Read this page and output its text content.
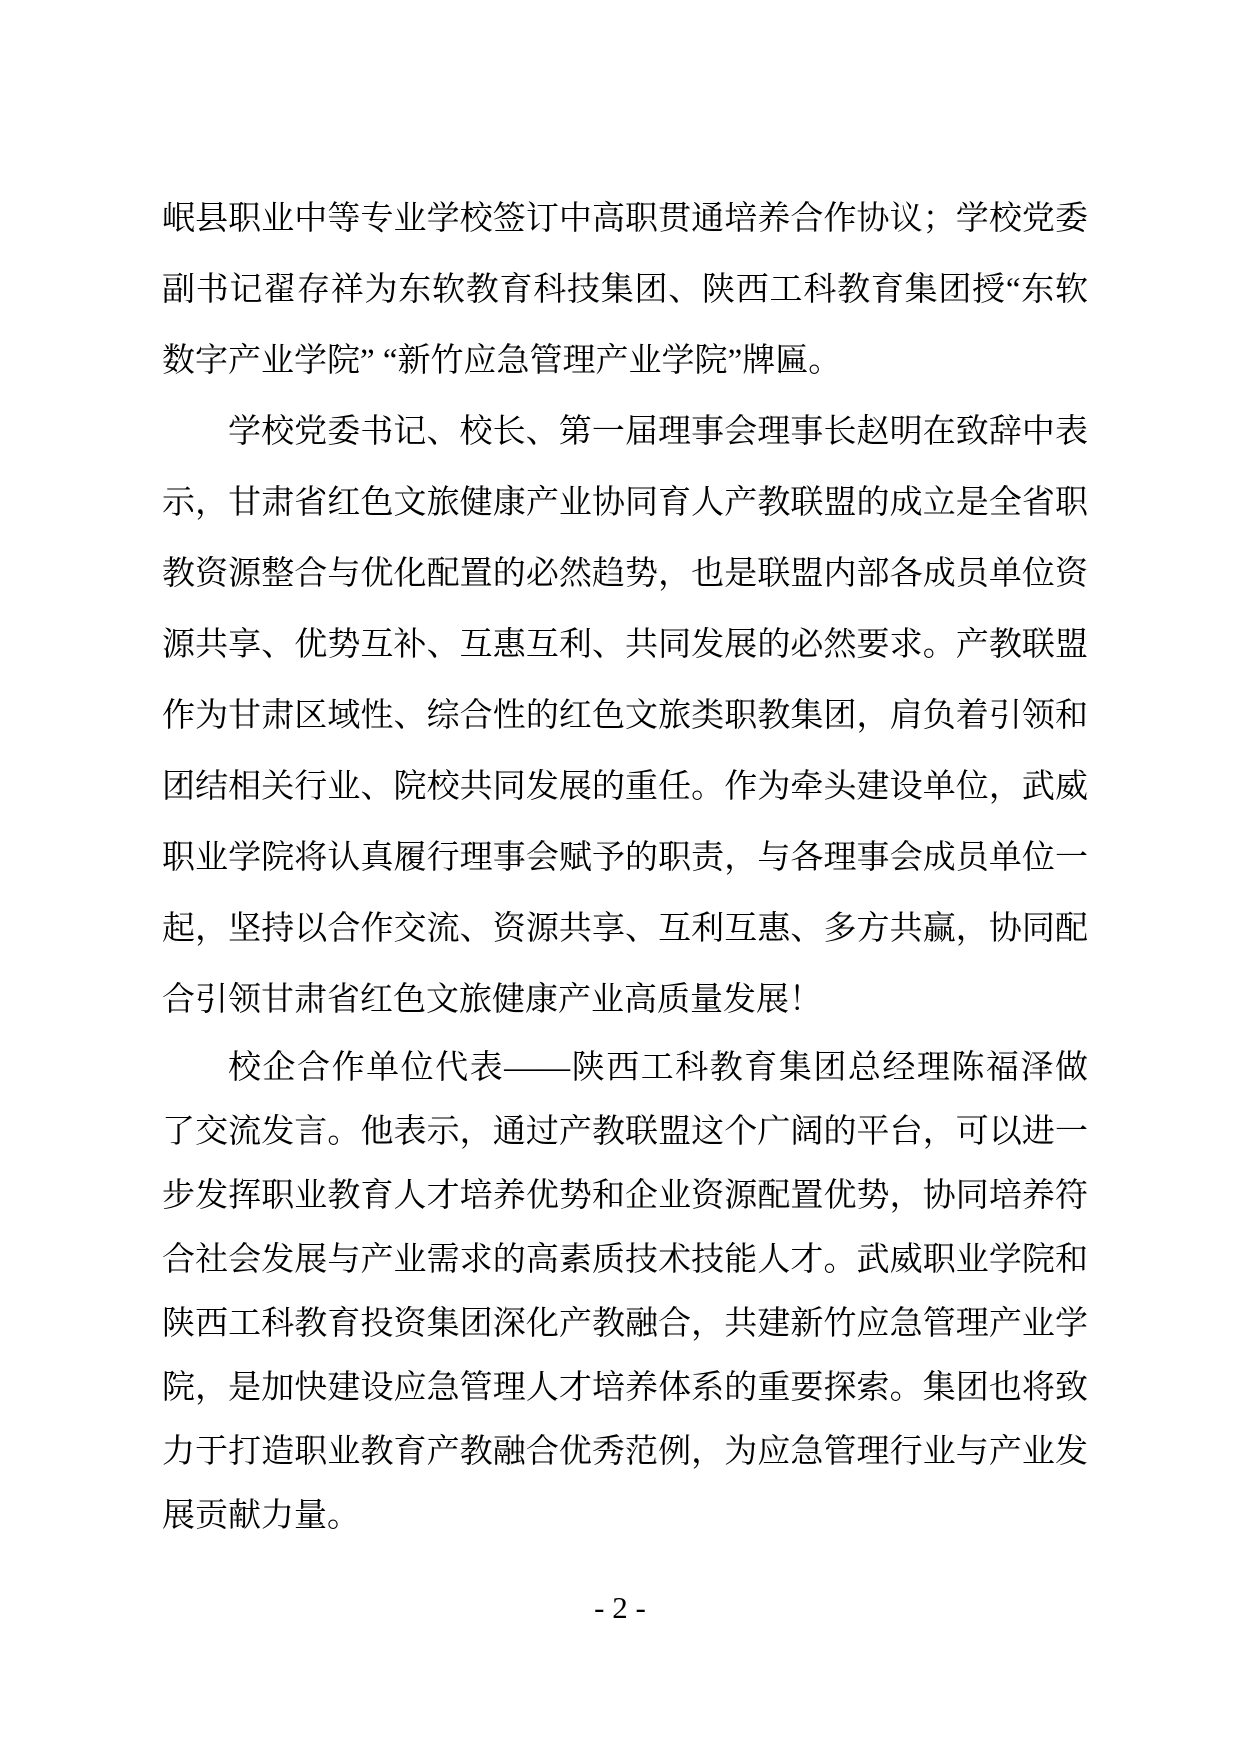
岷县职业中等专业学校签订中高职贯通培养合作协议；学校党委
副书记翟存祥为东软教育科技集团、陕西工科教育集团授“东软
数字产业学院” “新竹应急管理产业学院”牌匾。
学校党委书记、校长、第一届理事会理事长赵明在致辞中表
示，甘肃省红色文旅健康产业协同育人产教联盟的成立是全省职
教资源整合与优化配置的必然趋势，也是联盟内部各成员单位资
源共享、优势互补、互惠互利、共同发展的必然要求。产教联盟
作为甘肃区域性、综合性的红色文旅类职教集团，肩负着引领和
团结相关行业、院校共同发展的重任。作为牵头建设单位，武威
职业学院将认真履行理事会赋予的职责，与各理事会成员单位一
起，坚持以合作交流、资源共享、互利互惠、多方共赢，协同配
合引领甘肃省红色文旅健康产业高质量发展！
校企合作单位代表——陕西工科教育集团总经理陈福泽做
了交流发言。他表示，通过产教联盟这个广阔的平台，可以进一
步发挥职业教育人才培养优势和企业资源配置优势，协同培养符
合社会发展与产业需求的高素质技术技能人才。武威职业学院和
陕西工科教育投资集团深化产教融合，共建新竹应急管理产业学
院，是加快建设应急管理人才培养体系的重要探索。集团也将致
力于打造职业教育产教融合优秀范例，为应急管理行业与产业发
展贡献力量。
- 2 -
